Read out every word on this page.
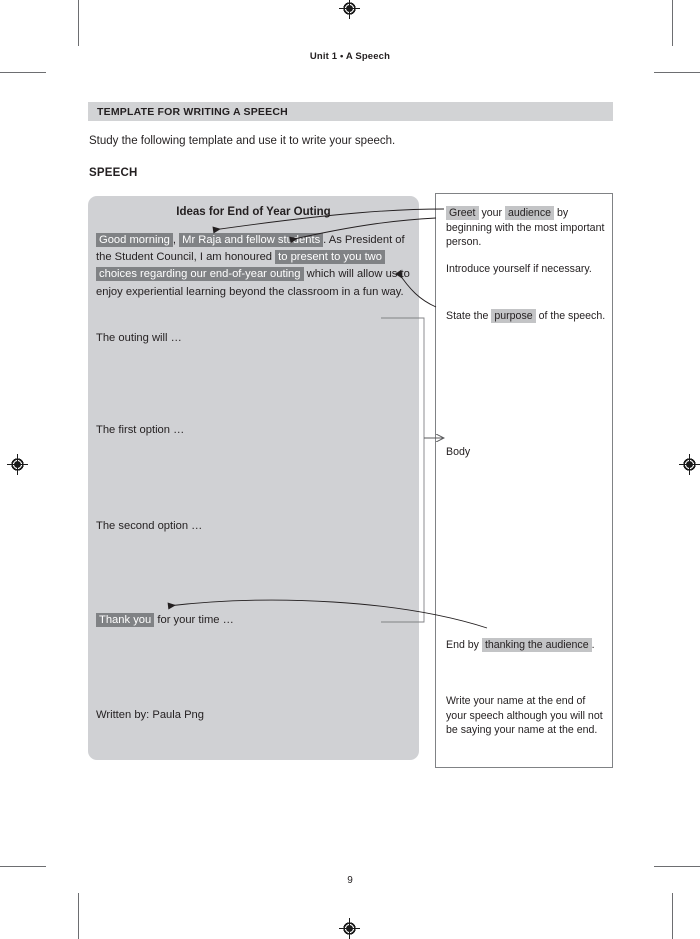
Unit 1 • A Speech
TEMPLATE FOR WRITING A SPEECH
Study the following template and use it to write your speech.
SPEECH
Ideas for End of Year Outing
Good morning , Mr Raja and fellow students . As President of the Student Council, I am honoured to present to you two choices regarding our end-of-year outing which will allow us to enjoy experiential learning beyond the classroom in a fun way.
The outing will …
The first option …
The second option …
Thank you for your time …
Written by: Paula Png
Greet your audience by beginning with the most important person.
Introduce yourself if necessary.
State the purpose of the speech.
Body
End by thanking the audience .
Write your name at the end of your speech although you will not be saying your name at the end.
9
